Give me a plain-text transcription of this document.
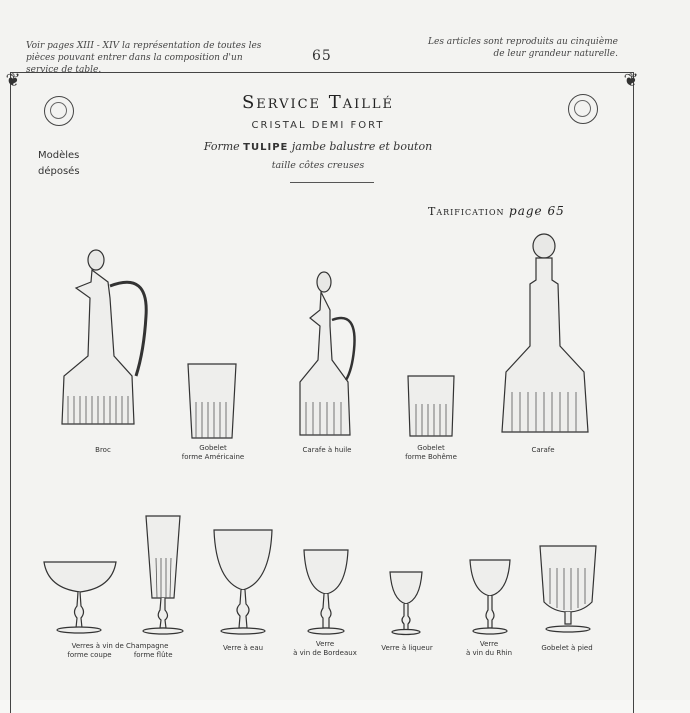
Voir pages XIII - XIV la représentation de toutes les pièces pouvant entrer dans la composition d'un service de table.
65
Les articles sont reproduits au cinquième de leur grandeur naturelle.
❦	❦
Service Taillé
CRISTAL DEMI FORT
Forme TULIPE jambe balustre et bouton
taille côtes creuses
Modèles
déposés
Tarification page 65
Broc	Gobelet
forme Américaine
Carafe à huile	Gobelet
forme Bohême
Carafe
Verres à vin de Champagne
forme coupe          forme flûte
Verre à eau	Verre
à vin de Bordeaux
Verre à liqueur	Verre
à vin du Rhin
Gobelet à pied
